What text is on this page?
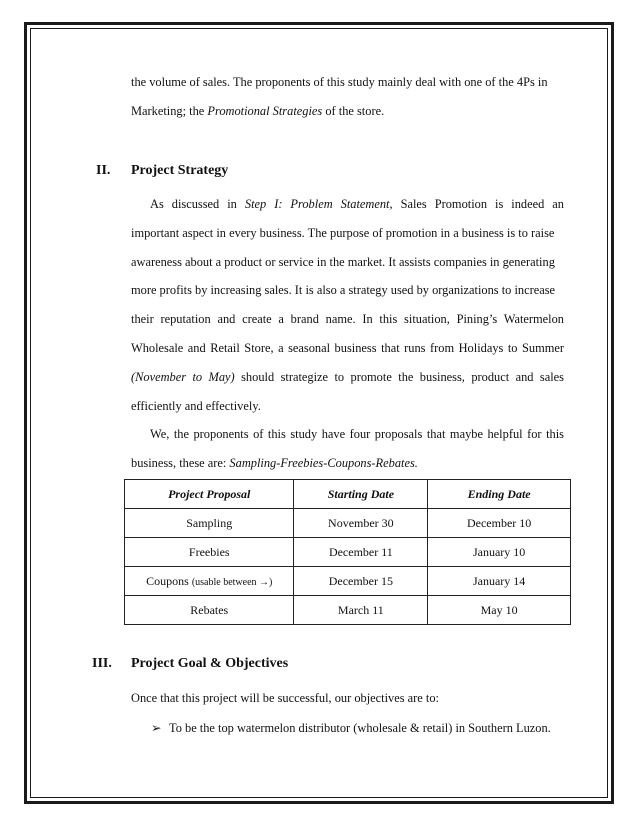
the volume of sales. The proponents of this study mainly deal with one of the 4Ps in
Marketing; the Promotional Strategies of the store.
II. Project Strategy
As discussed in Step I: Problem Statement, Sales Promotion is indeed an
important aspect in every business. The purpose of promotion in a business is to raise
awareness about a product or service in the market. It assists companies in generating
more profits by increasing sales. It is also a strategy used by organizations to increase
their reputation and create a brand name. In this situation, Pining’s Watermelon
Wholesale and Retail Store, a seasonal business that runs from Holidays to Summer
(November to May) should strategize to promote the business, product and sales
efficiently and effectively.
We, the proponents of this study have four proposals that maybe helpful for this
business, these are: Sampling-Freebies-Coupons-Rebates.
Project Proposal	Starting Date	Ending Date
Sampling	November 30	December 10
Freebies	December 11	January 10
Coupons (usable between →)	December 15	January 14
Rebates	March 11	May 10
III. Project Goal & Objectives
Once that this project will be successful, our objectives are to:
➢ To be the top watermelon distributor (wholesale & retail) in Southern Luzon.
